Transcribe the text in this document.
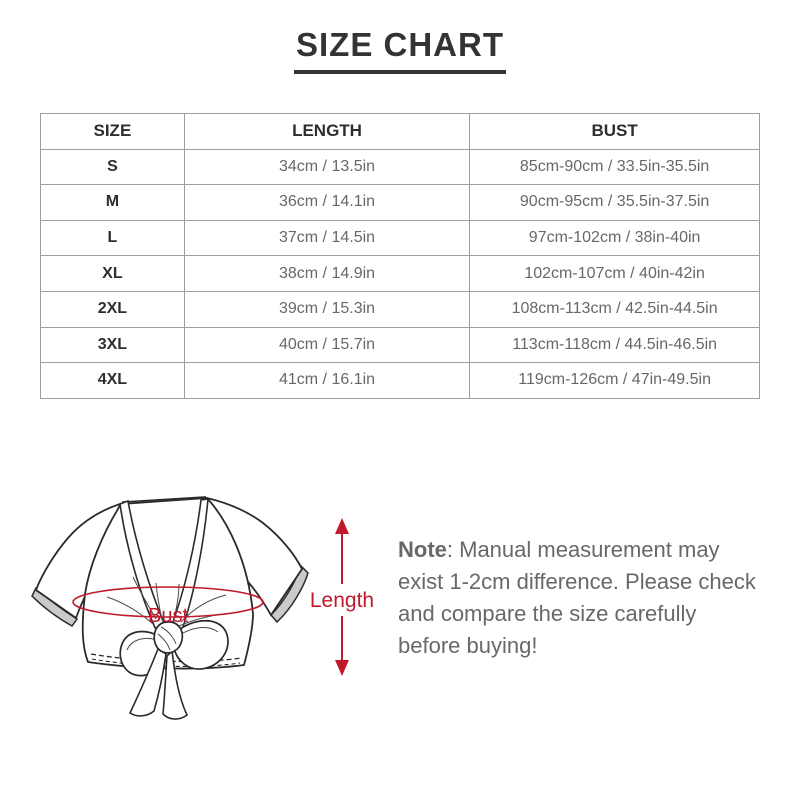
SIZE CHART
SIZE	LENGTH	BUST
S	34cm / 13.5in	85cm-90cm / 33.5in-35.5in
M	36cm / 14.1in	90cm-95cm / 35.5in-37.5in
L	37cm / 14.5in	97cm-102cm / 38in-40in
XL	38cm / 14.9in	102cm-107cm / 40in-42in
2XL	39cm / 15.3in	108cm-113cm / 42.5in-44.5in
3XL	40cm / 15.7in	113cm-118cm / 44.5in-46.5in
4XL	41cm / 16.1in	119cm-126cm / 47in-49.5in
Bust
Length

Note: Manual measurement may exist 1-2cm difference. Please check and compare the size carefully before buying!
